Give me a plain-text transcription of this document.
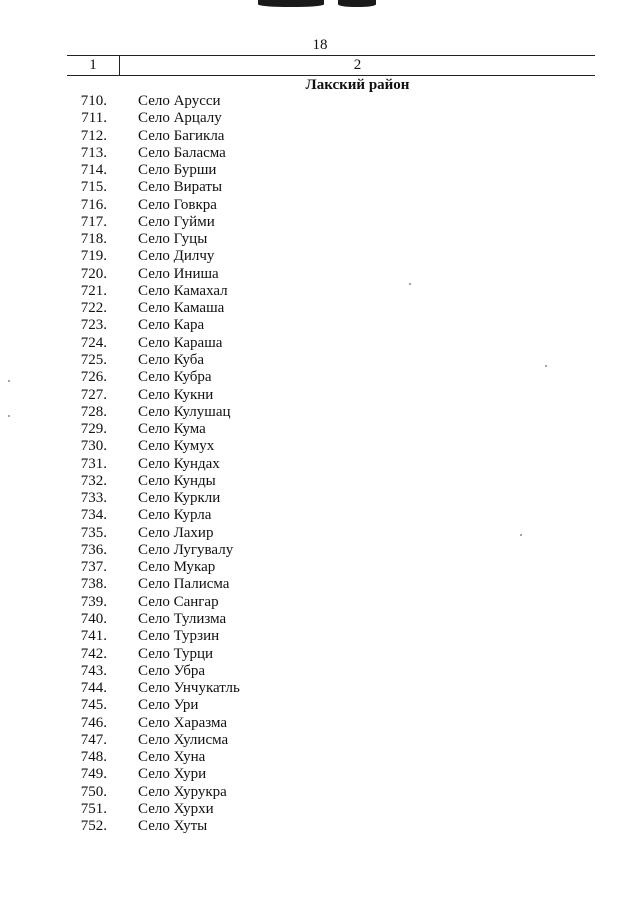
18
1	2
Лакский район
710. Село Арусси
711. Село Арцалу
712. Село Багикла
713. Село Баласма
714. Село Бурши
715. Село Вираты
716. Село Говкра
717. Село Гуйми
718. Село Гуцы
719. Село Дилчу
720. Село Иниша
721. Село Камахал
722. Село Камаша
723. Село Кара
724. Село Караша
725. Село Куба
726. Село Кубра
727. Село Кукни
728. Село Кулушац
729. Село Кума
730. Село Кумух
731. Село Кундах
732. Село Кунды
733. Село Куркли
734. Село Курла
735. Село Лахир
736. Село Лугувалу
737. Село Мукар
738. Село Палисма
739. Село Сангар
740. Село Тулизма
741. Село Турзин
742. Село Турци
743. Село Убра
744. Село Унчукатль
745. Село Ури
746. Село Харазма
747. Село Хулисма
748. Село Хуна
749. Село Хури
750. Село Хурукра
751. Село Хурхи
752. Село Хуты
